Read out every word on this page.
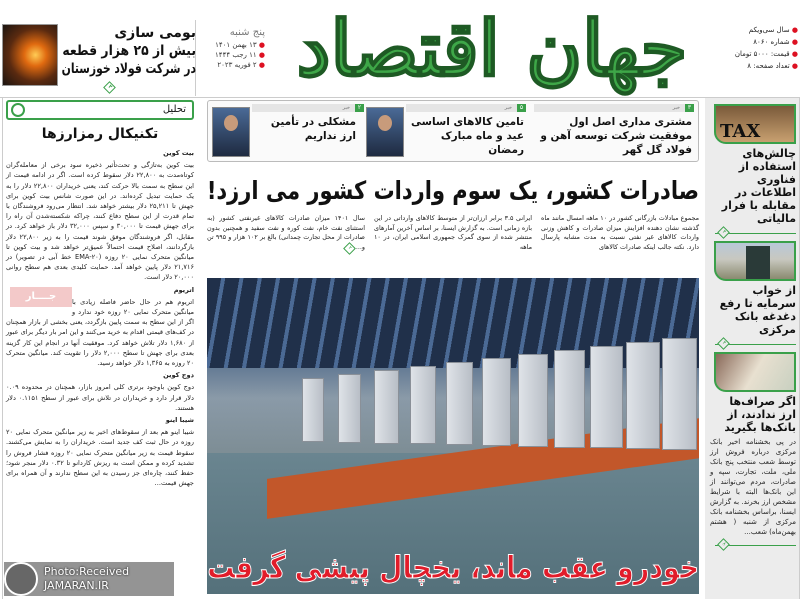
بومی سازی
بیش از ۲۵ هزار قطعه
در شرکت فولاد خوزستان
۳
پنج شنبه
● ۱۳ بهمن ۱۴۰۱
● ۱۱ رجب ۱۴۴۴
● ۲ فوریه ۲۰۲۳ جهان اقتصاد	● سال سی‌ویکم
● شماره ۸۰۶۰
● قیمت: ۵۰۰۰ تومان
● تعداد صفحه: ۸
تحلیل
تکنیکال رمزارزها

بیت کوین

بیت کوین به‌تازگی و تحت‌تأثیر ذخیره سود برخی از معامله‌گران کوتاه‌مدت به ۲۲,۸۰۰ دلار سقوط کرده است. اگر در ادامه قیمت از این سطح به سمت بالا حرکت کند، یعنی خریداران ۲۲,۸۰۰ دلار را به یک حمایت تبدیل کرده‌اند. در این صورت شانس بیت کوین برای جهش تا ۲۵,۲۱۱ دلار بیشتر خواهد شد. انتظار می‌رود فروشندگان با تمام قدرت از این سطح دفاع کنند، چراکه شکسته‌شدن آن راه را برای جهش قیمت تا ۳۰,۰۰۰ و سپس ۳۲,۰۰۰ دلار باز خواهد کرد. در مقابل، اگر فروشندگان موفق شوند قیمت را به زیر ۲۲,۸۰۰ دلار بازگردانند، اصلاح قیمت احتمالاً عمیق‌تر خواهد شد و بیت کوین تا میانگین متحرک نمایی ۲۰ روزه (EMA-۲۰ خط آبی در تصویر) در ۲۱,۷۱۶ دلار پایین خواهد آمد. حمایت کلیدی بعدی هم سطح روانی ۲۰,۰۰۰ دلار است.

جــــار

اتریوم

اتریوم هم در حال حاضر فاصله زیادی با میانگین متحرک نمایی ۲۰ روزه خود ندارد و اگر از این سطح به سمت پایین بازگردد، یعنی بخشی از بازار همچنان در کف‌های قیمتی اقدام به خرید می‌کنند و این امر بار دیگر برای عبور از ۱,۶۸۰ دلار تلاش خواهد کرد. موفقیت آنها در انجام این کار گزینه بعدی برای جهش تا سطح ۲,۰۰۰ دلار را تقویت کند. میانگین متحرک ۲۰ روزه به ۱,۳۶۵ دلار خواهد رسید.

دوج کوین

دوج کوین باوجود برتری کلی امروز بازار، همچنان در محدوده ۰.۰۹ دلار قرار دارد و خریداران در تلاش برای عبور از سطح ۰.۱۱۵۱ دلار هستند.

شیبا اینو

شیبا اینو هم بعد از سقوط‌های اخیر به زیر میانگین متحرک نمایی ۲۰ روزه در حال ثبت کف جدید است. خریداران را به نمایش می‌کشند. سقوط قیمت به زیر میانگین متحرک نمایی ۲۰ روزه فشار فروش را تشدید کرده و ممکن است به ریزش کاردانو تا ۰.۳۲ دلار منجر شود؛ حفظ کنند، چاره‌ای جز رسیدن به این سطح ندارند و آن همراه برای جهش قیمت...

خبر	۳
مشتری مداری اصل اول موفقیت شرکت توسعه آهن و فولاد گل گهر
خبر	۵
تامین کالاهای اساسی عید و ماه مبارک رمضان
خبر	۲
مشکلی در تأمین ارز نداریم
صادرات کشور، یک سوم واردات کشور می ارزد!
مجموع مبادلات بازرگانی کشور در ۱۰ ماهه امسال مانند ماه گذشته نشان دهنده افزایش میزان صادرات و کاهش وزنی واردات کالاهای غیر نفتی نسبت به مدت مشابه پارسال دارد. نکته جالب اینکه صادرات کالاهای
ایرانی ۳.۵ برابر ارزان‌تر از متوسط کالاهای وارداتی در این بازه زمانی است. به گزارش ایسنا، بر اساس آخرین آمارهای منتشر شده از سوی گمرک جمهوری اسلامی ایران، در ۱۰ ماهه
سال ۱۴۰۱ میزان صادرات کالاهای غیرنفتی کشور (به استثنای نفت خام، نفت کوره و نفت سفید و همچنین بدون صادرات از محل تجارت چمدانی) بالغ بر ۱۰۲ هزار و ۹۹۵ تن و... ۲
خودرو عقب ماند، یخچال پیشی گرفت
TAX
چالش‌های استفاده از فناوری اطلاعات در مقابله با فرار مالیاتی
۴
از خواب سرمایه تا رفع دغدغه بانک مرکزی
۴
اگر صراف‌ها ارز ندادند، از بانک‌ها بگیرید
در پی بخشنامه اخیر بانک مرکزی درباره فروش ارز توسط شعب منتخب پنج بانک ملی، ملت، تجارت، سپه و صادرات، مردم می‌توانند از این بانک‌ها البته با شرایط مشخص ارز بخرند. به گزارش ایسنا، براساس بخشنامه بانک مرکزی از شنبه ( هشتم بهمن‌ماه) شعب...
۸
Photo:Received
JAMARAN.IR
